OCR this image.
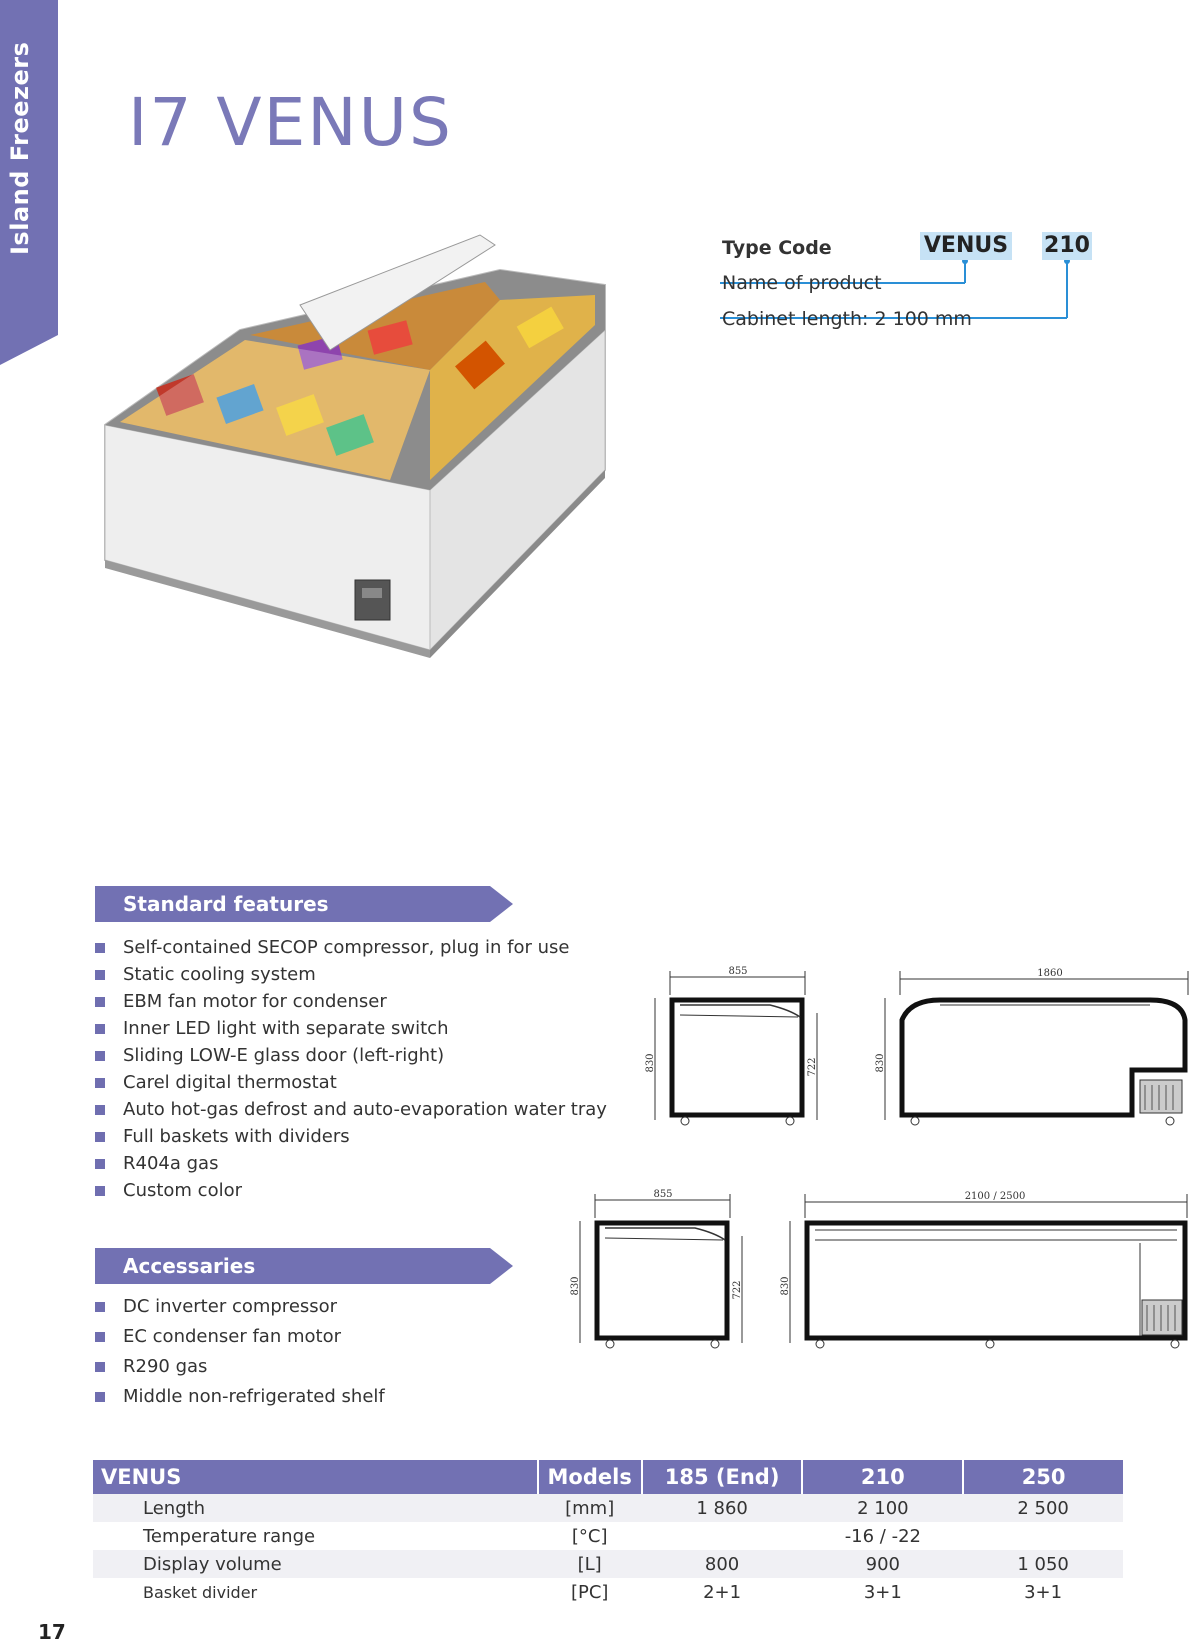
Island Freezers I7 VENUS
Type Code	VENUS 210
Name of product
Cabinet length: 2 100 mm
Standard features
Self-contained SECOP compressor, plug in for use
Static cooling system
EBM fan motor for condenser
Inner LED light with separate switch
Sliding LOW-E glass door (left-right)
Carel digital thermostat
Auto hot-gas defrost and auto-evaporation water tray
Full baskets with dividers
R404a gas
Custom color
Accessaries
DC inverter compressor
EC condenser fan motor
R290 gas
Middle non-refrigerated shelf
855
830	722
1860
830
855
830	722
2100 / 2500
830
VENUS	Models	185 (End)	210	250
Length	[mm]	1 860	2 100	2 500
Temperature range	[°C]		-16 / -22	
Display volume	[L]	800	900	1 050
Basket divider	[PC]	2+1	3+1	3+1
17
